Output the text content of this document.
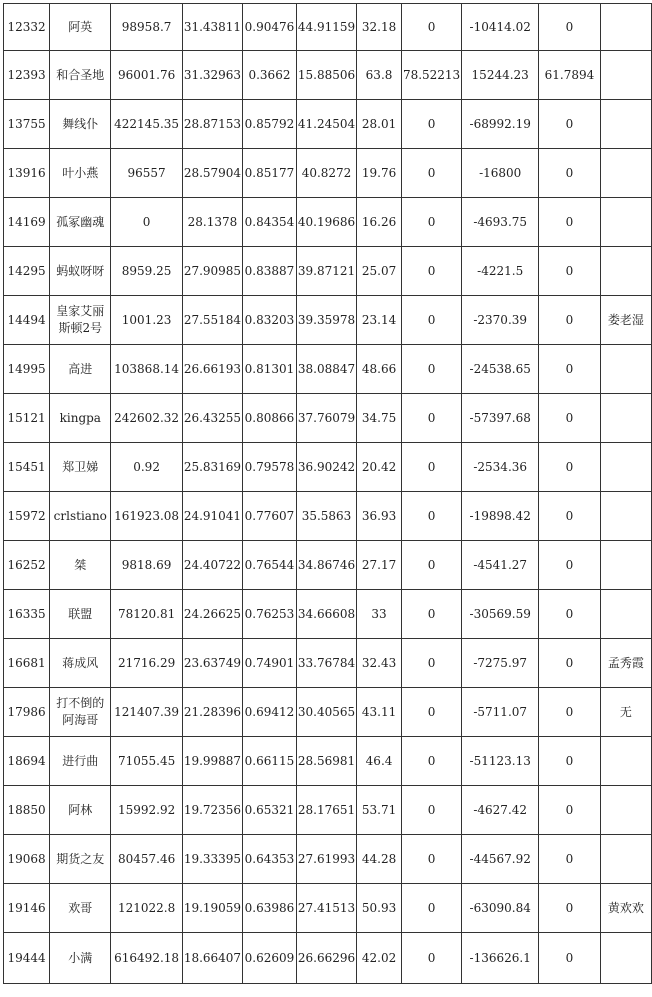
12332	阿英	98958.7	31.43811	0.90476	44.91159	32.18	0	-10414.02	0	
12393	和合圣地	96001.76	31.32963	0.3662	15.88506	63.8	78.52213	15244.23	61.7894	
13755	舞线仆	422145.35	28.87153	0.85792	41.24504	28.01	0	-68992.19	0	
13916	叶小燕	96557	28.57904	0.85177	40.8272	19.76	0	-16800	0	
14169	孤冢幽魂	0	28.1378	0.84354	40.19686	16.26	0	-4693.75	0	
14295	蚂蚁呀呀	8959.25	27.90985	0.83887	39.87121	25.07	0	-4221.5	0	
14494	皇家艾丽斯顿2号	1001.23	27.55184	0.83203	39.35978	23.14	0	-2370.39	0	娄老湿
14995	高进	103868.14	26.66193	0.81301	38.08847	48.66	0	-24538.65	0	
15121	kingpa	242602.32	26.43255	0.80866	37.76079	34.75	0	-57397.68	0	
15451	郑卫娣	0.92	25.83169	0.79578	36.90242	20.42	0	-2534.36	0	
15972	crlstiano	161923.08	24.91041	0.77607	35.5863	36.93	0	-19898.42	0	
16252	桀	9818.69	24.40722	0.76544	34.86746	27.17	0	-4541.27	0	
16335	联盟	78120.81	24.26625	0.76253	34.66608	33	0	-30569.59	0	
16681	蒋成风	21716.29	23.63749	0.74901	33.76784	32.43	0	-7275.97	0	孟秀霞
17986	打不倒的阿海哥	121407.39	21.28396	0.69412	30.40565	43.11	0	-5711.07	0	无
18694	进行曲	71055.45	19.99887	0.66115	28.56981	46.4	0	-51123.13	0	
18850	阿林	15992.92	19.72356	0.65321	28.17651	53.71	0	-4627.42	0	
19068	期货之友	80457.46	19.33395	0.64353	27.61993	44.28	0	-44567.92	0	
19146	欢哥	121022.8	19.19059	0.63986	27.41513	50.93	0	-63090.84	0	黄欢欢
19444	小满	616492.18	18.66407	0.62609	26.66296	42.02	0	-136626.1	0	
